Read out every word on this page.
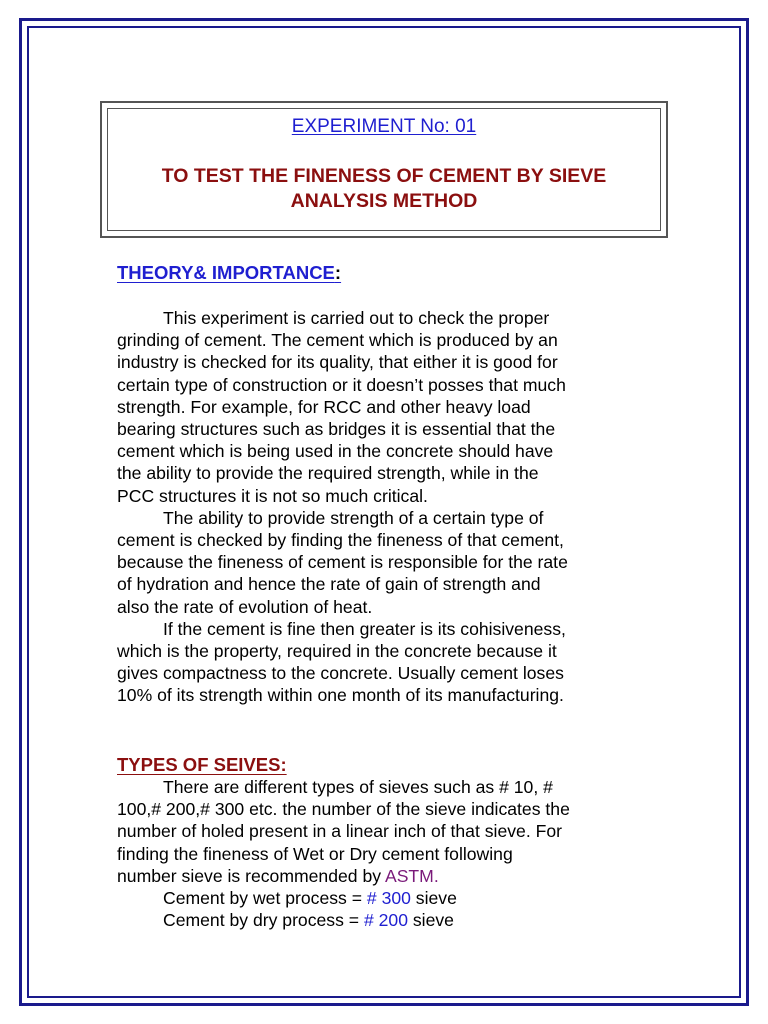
EXPERIMENT No: 01
TO TEST THE FINENESS OF CEMENT BY SIEVE
ANALYSIS METHOD
THEORY& IMPORTANCE:
This experiment is carried out to check the proper
grinding of cement. The cement which is produced by an
industry is checked for its quality, that either it is good for
certain type of construction or it doesn’t posses that much
strength. For example, for RCC and other heavy load
bearing structures such as bridges it is essential that the
cement which is being used in the concrete should have
the ability to provide the required strength, while in the
PCC structures it is not so much critical.
The ability to provide strength of a certain type of
cement is checked by finding the fineness of that cement,
because the fineness of cement is responsible for the rate
of hydration and hence the rate of gain of strength and
also the rate of evolution of heat.
If the cement is fine then greater is its cohisiveness,
which is the property, required in the concrete because it
gives compactness to the concrete. Usually cement loses
10% of its strength within one month of its manufacturing.
TYPES OF SEIVES:
There are different types of sieves such as # 10, #
100,# 200,# 300 etc. the number of the sieve indicates the
number of holed present in a linear inch of that sieve. For
finding the fineness of Wet or Dry cement following
number sieve is recommended by ASTM.
Cement by wet process = # 300 sieve
Cement by dry process = # 200 sieve
